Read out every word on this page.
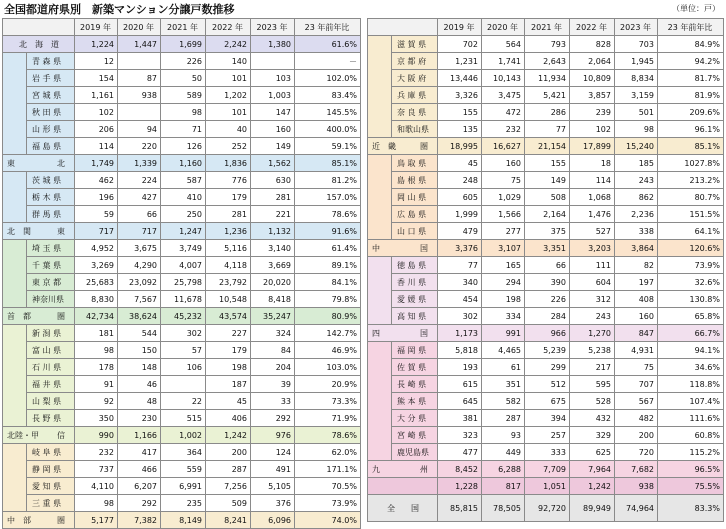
全国都道府県別　新築マンション分譲戸数推移	（単位：戸）
		2019 年	2020 年	2021 年	2022 年	2023 年	23 年前年比

北　海　道		1,224	1,447	1,699	2,242	1,380	61.6%
	青 森 県	12		226	140		－
	岩 手 県	154	87	50	101	103	102.0%
	宮 城 県	1,161	938	589	1,202	1,003	83.4%
	秋 田 県	102		98	101	147	145.5%
	山 形 県	206	94	71	40	160	400.0%
	福 島 県	114	220	126	252	149	59.1%

東 北		1,749	1,339	1,160	1,836	1,562	85.1%
	茨 城 県	462	224	587	776	630	81.2%
	栃 木 県	196	427	410	179	281	157.0%
	群 馬 県	59	66	250	281	221	78.6%

北　関 東		717	717	1,247	1,236	1,132	91.6%
	埼 玉 県	4,952	3,675	3,749	5,116	3,140	61.4%
	千 葉 県	3,269	4,290	4,007	4,118	3,669	89.1%
	東 京 都	25,683	23,092	25,798	23,792	20,020	84.1%
	神奈川県	8,830	7,567	11,678	10,548	8,418	79.8%

首　都 圏		42,734	38,624	45,232	43,574	35,247	80.9%
	新 潟 県	181	544	302	227	324	142.7%
	富 山 県	98	150	57	179	84	46.9%
	石 川 県	178	148	106	198	204	103.0%
	福 井 県	91	46		187	39	20.9%
	山 梨 県	92	48	22	45	33	73.3%
	長 野 県	350	230	515	406	292	71.9%

北陸・甲 信		990	1,166	1,002	1,242	976	78.6%
	岐 阜 県	232	417	364	200	124	62.0%
	静 岡 県	737	466	559	287	491	171.1%
	愛 知 県	4,110	6,207	6,991	7,256	5,105	70.5%
	三 重 県	98	292	235	509	376	73.9%

中　部 圏		5,177	7,382	8,149	8,241	6,096	74.0%
		2019 年	2020 年	2021 年	2022 年	2023 年	23 年前年比
	滋 賀 県	702	564	793	828	703	84.9%
	京 都 府	1,231	1,741	2,643	2,064	1,945	94.2%
	大 阪 府	13,446	10,143	11,934	10,809	8,834	81.7%
	兵 庫 県	3,326	3,475	5,421	3,857	3,159	81.9%
	奈 良 県	155	472	286	239	501	209.6%
	和歌山県	135	232	77	102	98	96.1%

近　畿 圏		18,995	16,627	21,154	17,899	15,240	85.1%
	鳥 取 県	45	160	155	18	185	1027.8%
	島 根 県	248	75	149	114	243	213.2%
	岡 山 県	605	1,029	508	1,068	862	80.7%
	広 島 県	1,999	1,566	2,164	1,476	2,236	151.5%
	山 口 県	479	277	375	527	338	64.1%

中 国		3,376	3,107	3,351	3,203	3,864	120.6%
	徳 島 県	77	165	66	111	82	73.9%
	香 川 県	340	294	390	604	197	32.6%
	愛 媛 県	454	198	226	312	408	130.8%
	高 知 県	302	334	284	243	160	65.8%

四 国		1,173	991	966	1,270	847	66.7%
	福 岡 県	5,818	4,465	5,239	5,238	4,931	94.1%
	佐 賀 県	193	61	299	217	75	34.6%
	長 崎 県	615	351	512	595	707	118.8%
	熊 本 県	645	582	675	528	567	107.4%
	大 分 県	381	287	394	432	482	111.6%
	宮 崎 県	323	93	257	329	200	60.8%
	鹿児島県	477	449	333	625	720	115.2%

九 州		8,452	6,288	7,709	7,964	7,682	96.5%

		1,228	817	1,051	1,242	938	75.5%

全　　国		85,815	78,505	92,720	89,949	74,964	83.3%
